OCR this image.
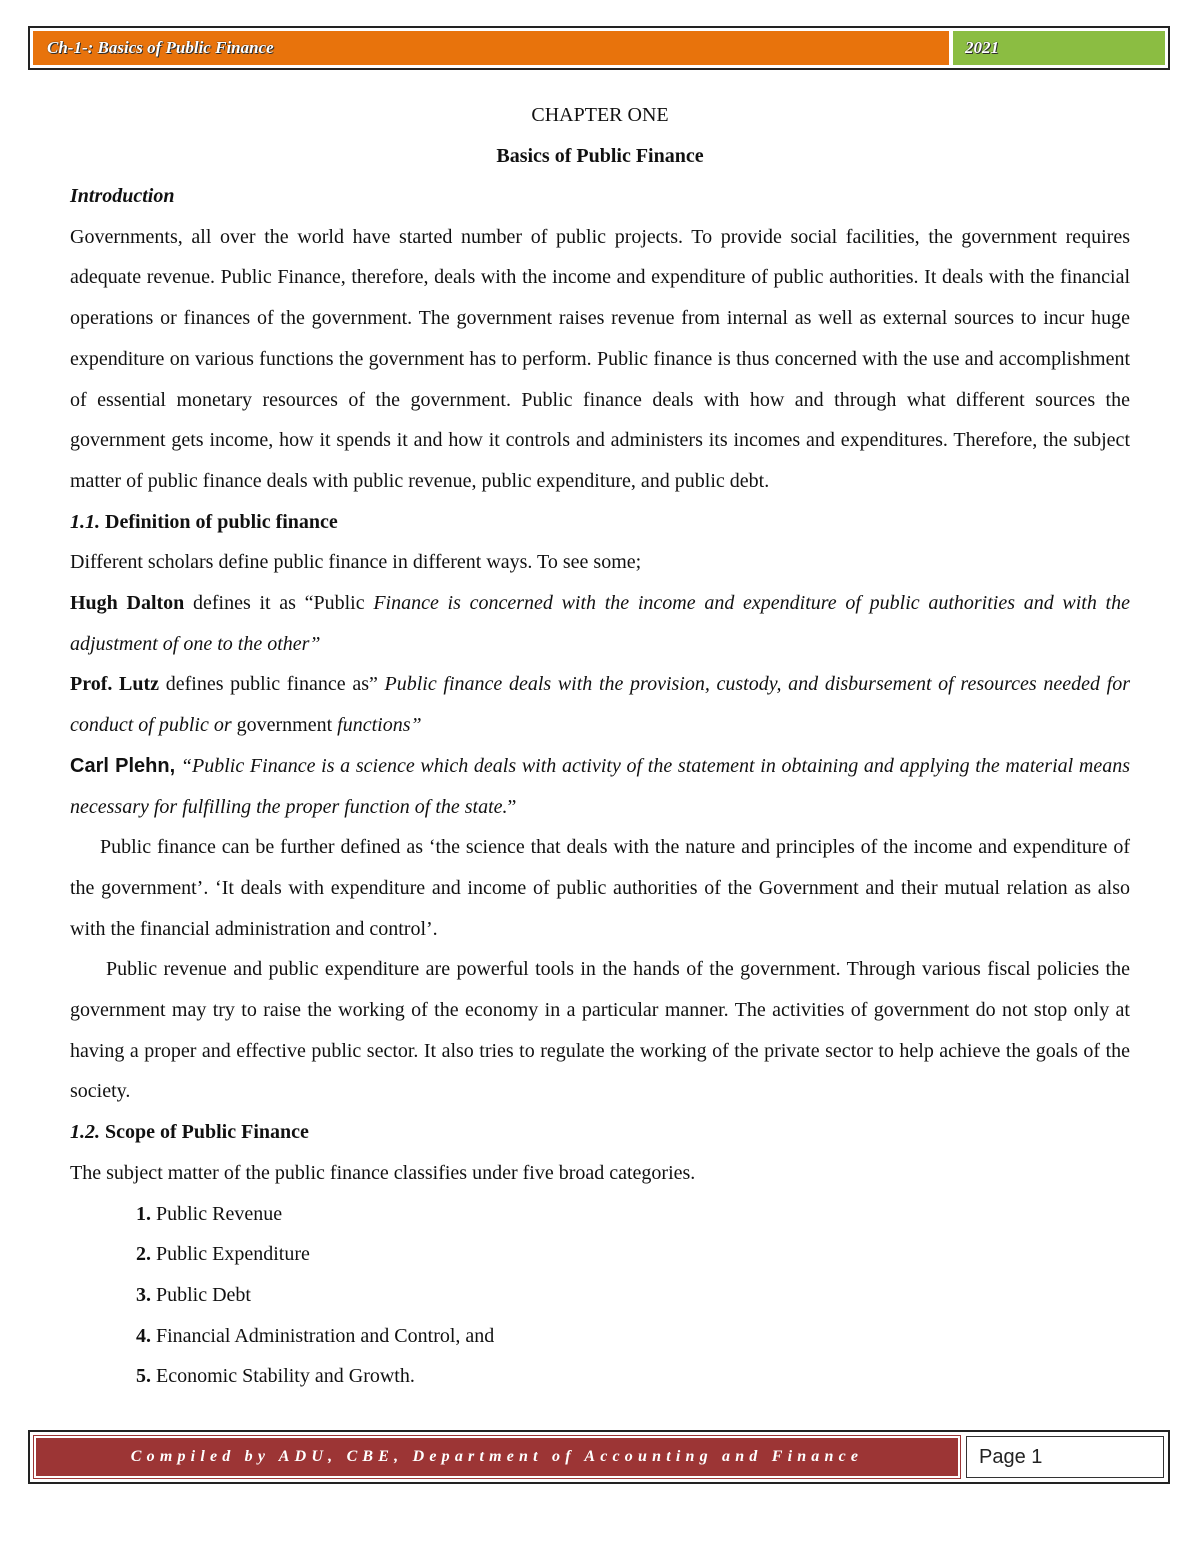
Ch-1-: Basics of Public Finance	2021
CHAPTER ONE
Basics of Public Finance

Introduction

Governments, all over the world have started number of public projects. To provide social facilities, the government requires adequate revenue. Public Finance, therefore, deals with the income and expenditure of public authorities. It deals with the financial operations or finances of the government. The government raises revenue from internal as well as external sources to incur huge expenditure on various functions the government has to perform. Public finance is thus concerned with the use and accomplishment of essential monetary resources of the government. Public finance deals with how and through what different sources the government gets income, how it spends it and how it controls and administers its incomes and expenditures. Therefore, the subject matter of public finance deals with public revenue, public expenditure, and public debt.

1.1. Definition of public finance

Different scholars define public finance in different ways. To see some;

Hugh Dalton defines it as “Public Finance is concerned with the income and expenditure of public authorities and with the adjustment of one to the other”

Prof. Lutz defines public finance as” Public finance deals with the provision, custody, and disbursement of resources needed for conduct of public or government functions”

Carl Plehn, “Public Finance is a science which deals with activity of the statement in obtaining and applying the material means necessary for fulfilling the proper function of the state.”

Public finance can be further defined as ‘the science that deals with the nature and principles of the income and expenditure of the government’. ‘It deals with expenditure and income of public authorities of the Government and their mutual relation as also with the financial administration and control’.

Public revenue and public expenditure are powerful tools in the hands of the government. Through various fiscal policies the government may try to raise the working of the economy in a particular manner. The activities of government do not stop only at having a proper and effective public sector. It also tries to regulate the working of the private sector to help achieve the goals of the society.

1.2. Scope of Public Finance

The subject matter of the public finance classifies under five broad categories.

1. Public Revenue
2. Public Expenditure
3. Public Debt
4. Financial Administration and Control, and
5. Economic Stability and Growth.
Compiled by ADU, CBE, Department of Accounting and Finance	Page 1
